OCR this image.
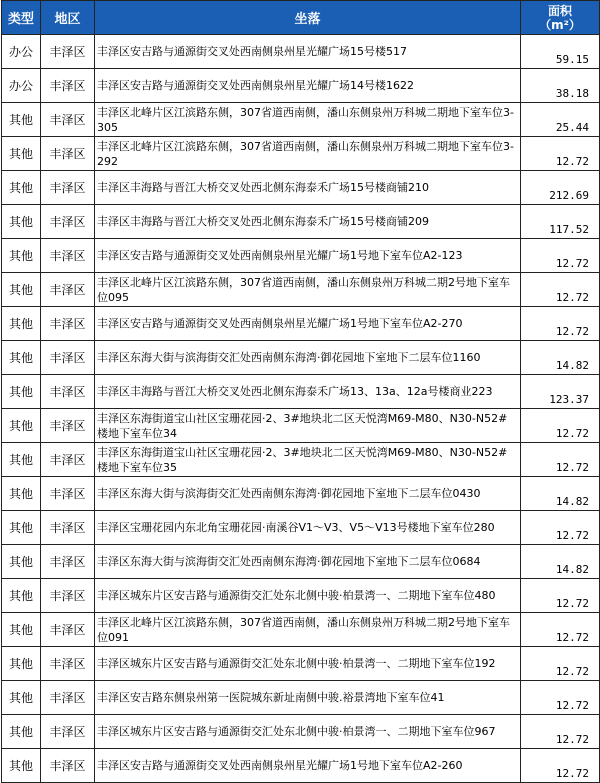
类型	地区	坐落	面积
（m²）
办公	丰泽区	丰泽区安吉路与通源街交叉处西南侧泉州星光耀广场15号楼517	59.15
办公	丰泽区	丰泽区安吉路与通源街交叉处西南侧泉州星光耀广场14号楼1622	38.18
其他	丰泽区	丰泽区北峰片区江滨路东侧，307省道西南侧，潘山东侧泉州万科城二期地下室车位3-305	25.44
其他	丰泽区	丰泽区北峰片区江滨路东侧，307省道西南侧，潘山东侧泉州万科城二期地下室车位3-292	12.72
其他	丰泽区	丰泽区丰海路与晋江大桥交叉处西北侧东海泰禾广场15号楼商铺210	212.69
其他	丰泽区	丰泽区丰海路与晋江大桥交叉处西北侧东海泰禾广场15号楼商铺209	117.52
其他	丰泽区	丰泽区安吉路与通源街交叉处西南侧泉州星光耀广场1号地下室车位A2-123	12.72
其他	丰泽区	丰泽区北峰片区江滨路东侧，307省道西南侧，潘山东侧泉州万科城二期2号地下室车位095	12.72
其他	丰泽区	丰泽区安吉路与通源街交叉处西南侧泉州星光耀广场1号地下室车位A2-270	12.72
其他	丰泽区	丰泽区东海大街与滨海街交汇处西南侧东海湾·御花园地下室地下二层车位1160	14.82
其他	丰泽区	丰泽区丰海路与晋江大桥交叉处西北侧东海泰禾广场13、13a、12a号楼商业223	123.37
其他	丰泽区	丰泽区东海街道宝山社区宝珊花园·2、3#地块北二区天悦湾M69-M80、N30-N52#楼地下室车位34	12.72
其他	丰泽区	丰泽区东海街道宝山社区宝珊花园·2、3#地块北二区天悦湾M69-M80、N30-N52#楼地下室车位35	12.72
其他	丰泽区	丰泽区东海大街与滨海街交汇处西南侧东海湾·御花园地下室地下二层车位0430	14.82
其他	丰泽区	丰泽区宝珊花园内东北角宝珊花园·南溪谷V1～V3、V5～V13号楼地下室车位280	12.72
其他	丰泽区	丰泽区东海大街与滨海街交汇处西南侧东海湾·御花园地下室地下二层车位0684	14.82
其他	丰泽区	丰泽区城东片区安吉路与通源街交汇处东北侧中骏·柏景湾一、二期地下室车位480	12.72
其他	丰泽区	丰泽区北峰片区江滨路东侧，307省道西南侧，潘山东侧泉州万科城二期2号地下室车位091	12.72
其他	丰泽区	丰泽区城东片区安吉路与通源街交汇处东北侧中骏·柏景湾一、二期地下室车位192	12.72
其他	丰泽区	丰泽区安吉路东侧泉州第一医院城东新址南侧中骏.裕景湾地下室车位41	12.72
其他	丰泽区	丰泽区城东片区安吉路与通源街交汇处东北侧中骏·柏景湾一、二期地下室车位967	12.72
其他	丰泽区	丰泽区安吉路与通源街交叉处西南侧泉州星光耀广场1号地下室车位A2-260	12.72
